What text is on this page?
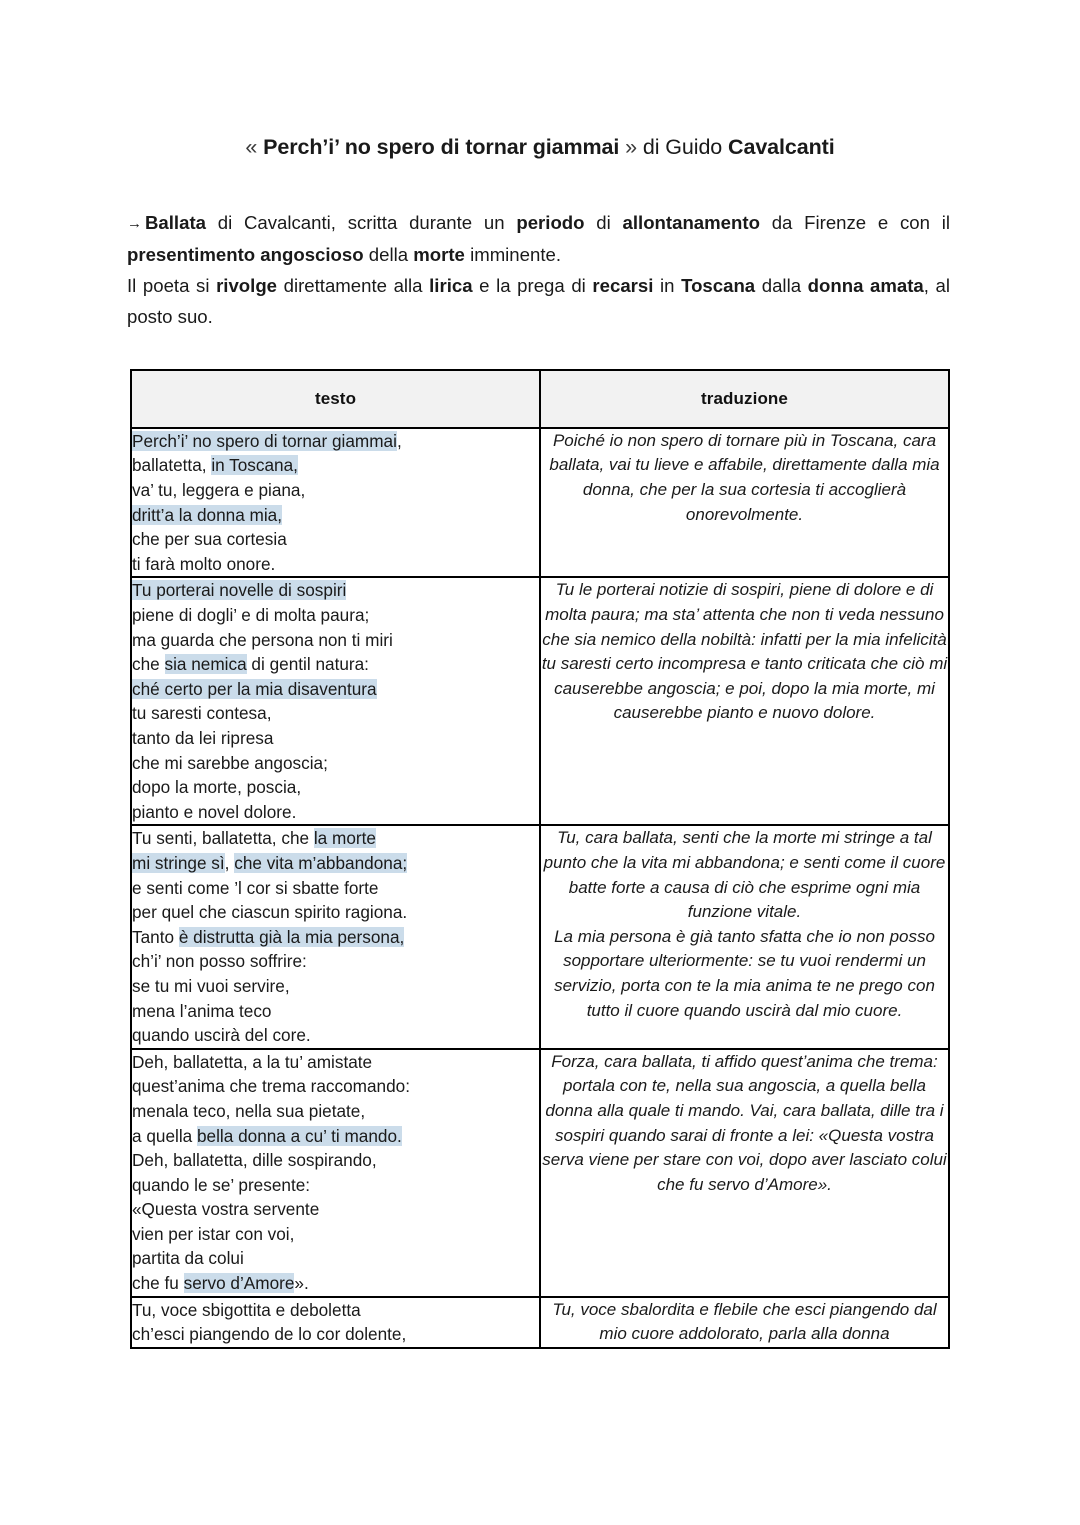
« Perch’i’ no spero di tornar giammai » di Guido Cavalcanti

→ Ballata di Cavalcanti, scritta durante un periodo di allontanamento da Firenze e con il presentimento angoscioso della morte imminente.

Il poeta si rivolge direttamente alla lirica e la prega di recarsi in Toscana dalla donna amata, al posto suo.

testo	traduzione

Perch’i’ no spero di tornar giammai,
ballatetta, in Toscana,
va’ tu, leggera e piana,
dritt’a la donna mia,
che per sua cortesia
ti farà molto onore.
	Poiché io non spero di tornare più in Toscana, cara ballata, vai tu lieve e affabile, direttamente dalla mia donna, che per la sua cortesia ti accoglierà onorevolmente.

Tu porterai novelle di sospiri
piene di dogli’ e di molta paura;
ma guarda che persona non ti miri
che sia nemica di gentil natura:
ché certo per la mia disaventura
tu saresti contesa,
tanto da lei ripresa
che mi sarebbe angoscia;
dopo la morte, poscia,
pianto e novel dolore.
	Tu le porterai notizie di sospiri, piene di dolore e di molta paura; ma sta’ attenta che non ti veda nessuno che sia nemico della nobiltà: infatti per la mia infelicità tu saresti certo incompresa e tanto criticata che ciò mi causerebbe angoscia; e poi, dopo la mia morte, mi causerebbe pianto e nuovo dolore.

Tu senti, ballatetta, che la morte
mi stringe sì, che vita m’abbandona;
e senti come ’l cor si sbatte forte
per quel che ciascun spirito ragiona.
Tanto è distrutta già la mia persona,
ch’i’ non posso soffrire:
se tu mi vuoi servire,
mena l’anima teco
quando uscirà del core.
	Tu, cara ballata, senti che la morte mi stringe a tal punto che la vita mi abbandona; e senti come il cuore batte forte a causa di ciò che esprime ogni mia funzione vitale.
La mia persona è già tanto sfatta che io non posso sopportare ulteriormente: se tu vuoi rendermi un servizio, porta con te la mia anima te ne prego con tutto il cuore quando uscirà dal mio cuore.

Deh, ballatetta, a la tu’ amistate
quest’anima che trema raccomando:
menala teco, nella sua pietate,
a quella bella donna a cu’ ti mando.
Deh, ballatetta, dille sospirando,
quando le se’ presente:
«Questa vostra servente
vien per istar con voi,
partita da colui
che fu servo d’Amore».
	Forza, cara ballata, ti affido quest’anima che trema: portala con te, nella sua angoscia, a quella bella donna alla quale ti mando. Vai, cara ballata, dille tra i sospiri quando sarai di fronte a lei: «Questa vostra serva viene per stare con voi, dopo aver lasciato colui che fu servo d’Amore».

Tu, voce sbigottita e deboletta
ch’esci piangendo de lo cor dolente,	Tu, voce sbalordita e flebile che esci piangendo dal mio cuore addolorato, parla alla donna
